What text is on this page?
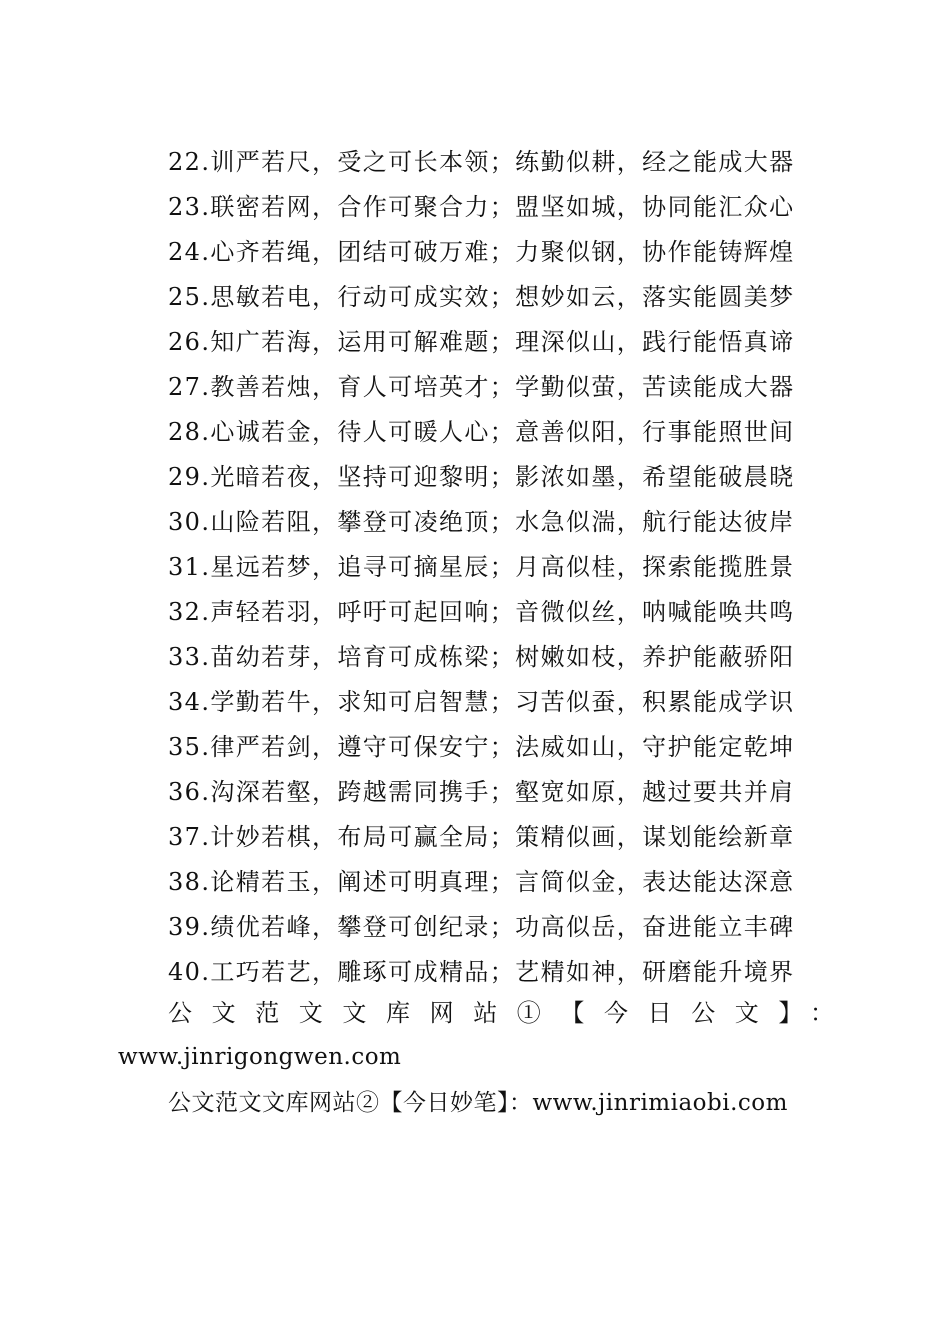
22.训严若尺，受之可长本领；练勤似耕，经之能成大器
23.联密若网，合作可聚合力；盟坚如城，协同能汇众心
24.心齐若绳，团结可破万难；力聚似钢，协作能铸辉煌
25.思敏若电，行动可成实效；想妙如云，落实能圆美梦
26.知广若海，运用可解难题；理深似山，践行能悟真谛
27.教善若烛，育人可培英才；学勤似萤，苦读能成大器
28.心诚若金，待人可暖人心；意善似阳，行事能照世间
29.光暗若夜，坚持可迎黎明；影浓如墨，希望能破晨晓
30.山险若阻，攀登可凌绝顶；水急似湍，航行能达彼岸
31.星远若梦，追寻可摘星辰；月高似桂，探索能揽胜景
32.声轻若羽，呼吁可起回响；音微似丝，呐喊能唤共鸣
33.苗幼若芽，培育可成栋梁；树嫩如枝，养护能蔽骄阳
34.学勤若牛，求知可启智慧；习苦似蚕，积累能成学识
35.律严若剑，遵守可保安宁；法威如山，守护能定乾坤
36.沟深若壑，跨越需同携手；壑宽如原，越过要共并肩
37.计妙若棋，布局可赢全局；策精似画，谋划能绘新章
38.论精若玉，阐述可明真理；言简似金，表达能达深意
39.绩优若峰，攀登可创纪录；功高似岳，奋进能立丰碑
40.工巧若艺，雕琢可成精品；艺精如神，研磨能升境界
公文范文文库网站①【今日公文】：
www.jinrigongwen.com
公文范文文库网站②【今日妙笔】：www.jinrimiaobi.com
